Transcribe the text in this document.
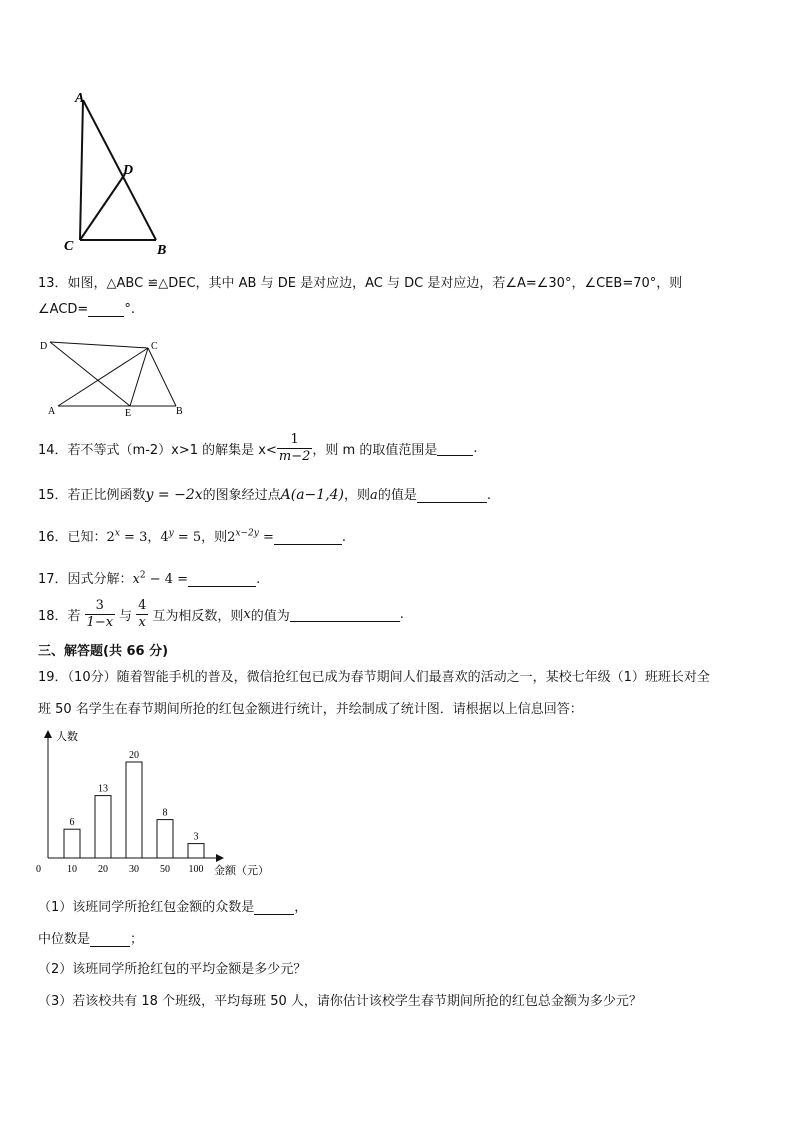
A
D
C	B
13．如图，△ABC ≌△DEC，其中 AB 与 DE 是对应边，AC 与 DC 是对应边，若∠A=∠30°，∠CEB=70°，则
∠ACD=	°.
D	C
A	E	B
14．若不等式（m-2）x>1 的解集是 $x< \frac{1}{m-2}$ ，则 m 的取值范围是	.
15．若正比例函数y = −2x的图象经过点A(a−1,4)，则a的值是	.
16．已知：$2^x = 3$，$4^y = 5$，则$2^{x-2y}$ =	.
17．因式分解：$x^2 - 4$ =	.
18．若 $\frac{3}{1-x}$ 与 $\frac{4}{x}$ 互为相反数，则x的值为	.
三、解答题(共 66 分)
19．（10分）随着智能手机的普及，微信抢红包已成为春节期间人们最喜欢的活动之一，某校七年级（1）班班长对全
班 50 名学生在春节期间所抢的红包金额进行统计，并绘制成了统计图．请根据以上信息回答：
人数
金额（元）
0
6
10
13
20
20
30
8
50
3
100
（1）该班同学所抢红包金额的众数是	，
中位数是	；
（2）该班同学所抢红包的平均金额是多少元？
（3）若该校共有 18 个班级，平均每班 50 人，请你估计该校学生春节期间所抢的红包总金额为多少元？
